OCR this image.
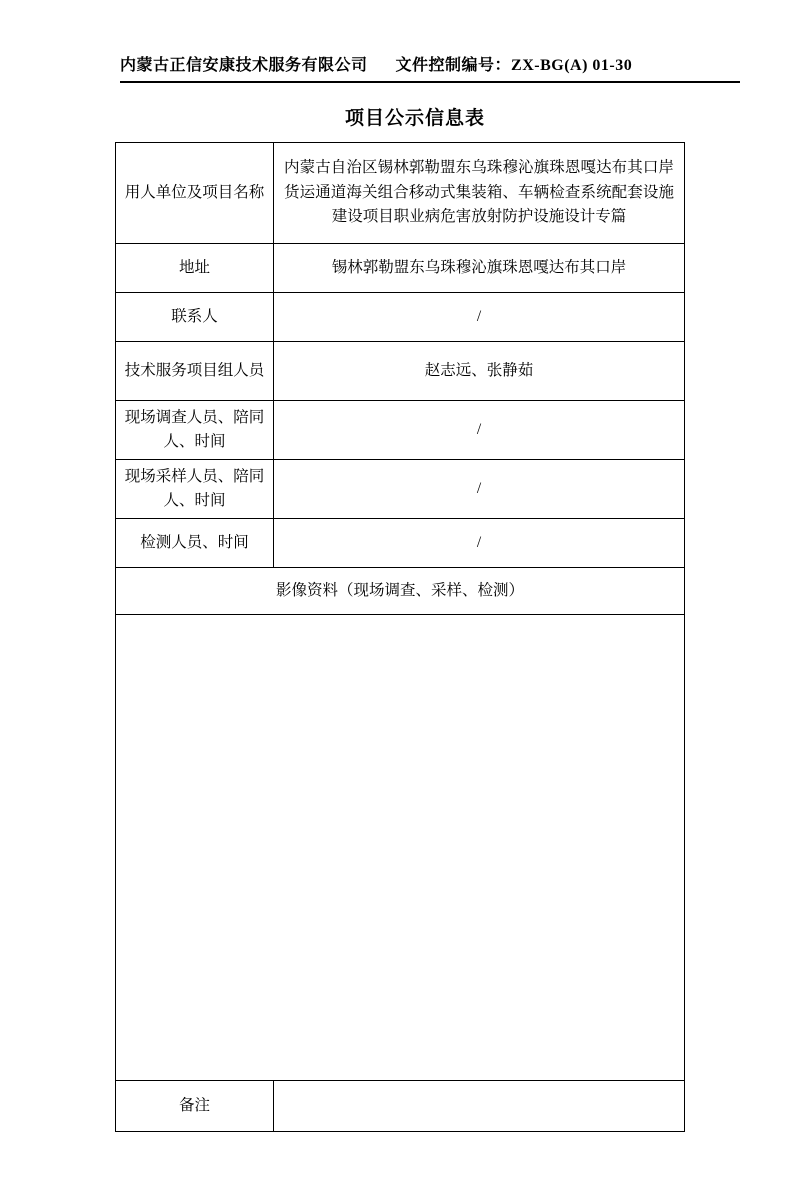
内蒙古正信安康技术服务有限公司 文件控制编号：ZX-BG(A) 01-30
项目公示信息表
用人单位及项目名称	内蒙古自治区锡林郭勒盟东乌珠穆沁旗珠恩嘎达布其口岸货运通道海关组合移动式集装箱、车辆检查系统配套设施建设项目职业病危害放射防护设施设计专篇
地址	锡林郭勒盟东乌珠穆沁旗珠恩嘎达布其口岸
联系人	/
技术服务项目组人员	赵志远、张静茹
现场调查人员、陪同人、时间	/
现场采样人员、陪同人、时间	/
检测人员、时间	/
影像资料（现场调查、采样、检测）	

备注	
